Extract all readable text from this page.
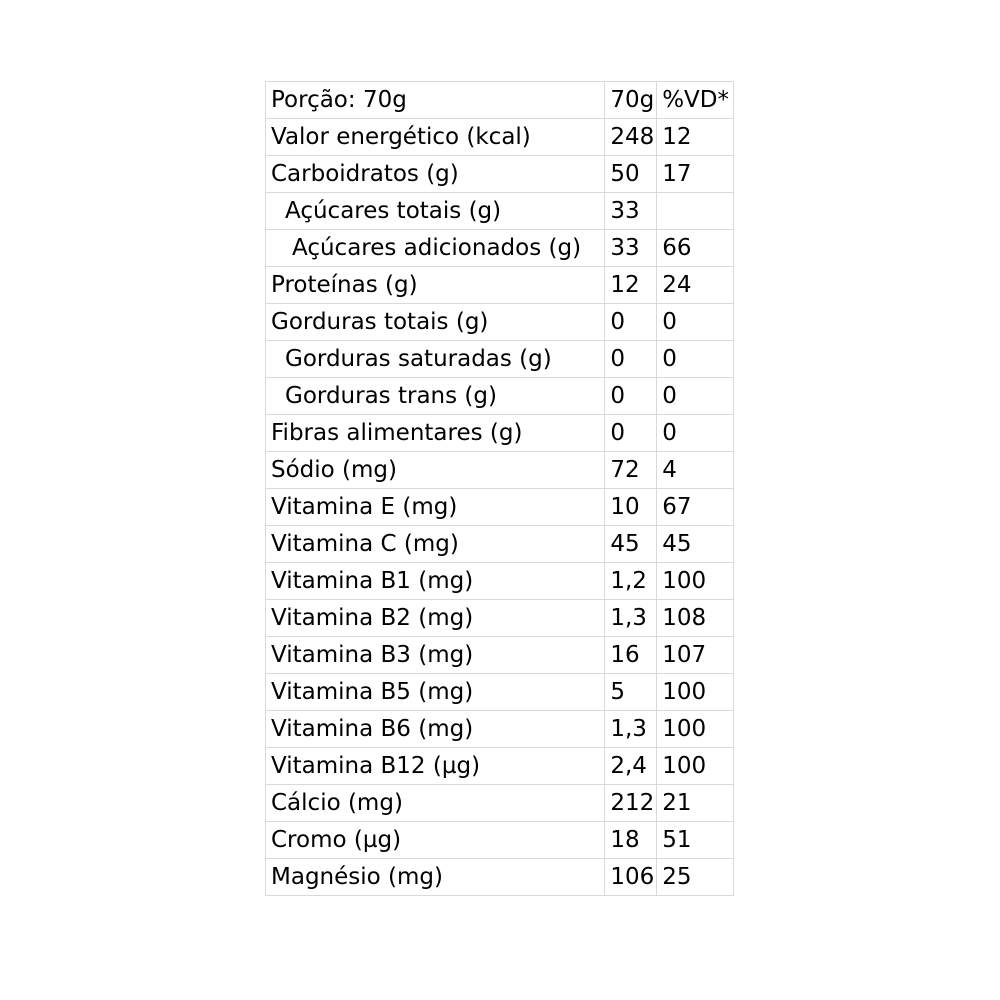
Porção: 70g	70g	%VD*
Valor energético (kcal)	248	12
Carboidratos (g)	50	17
Açúcares totais (g)	33	
Açúcares adicionados (g)	33	66
Proteínas (g)	12	24
Gorduras totais (g)	0	0
Gorduras saturadas (g)	0	0
Gorduras trans (g)	0	0
Fibras alimentares (g)	0	0
Sódio (mg)	72	4
Vitamina E (mg)	10	67
Vitamina C (mg)	45	45
Vitamina B1 (mg)	1,2	100
Vitamina B2 (mg)	1,3	108
Vitamina B3 (mg)	16	107
Vitamina B5 (mg)	5	100
Vitamina B6 (mg)	1,3	100
Vitamina B12 (µg)	2,4	100
Cálcio (mg)	212	21
Cromo (µg)	18	51
Magnésio (mg)	106	25
